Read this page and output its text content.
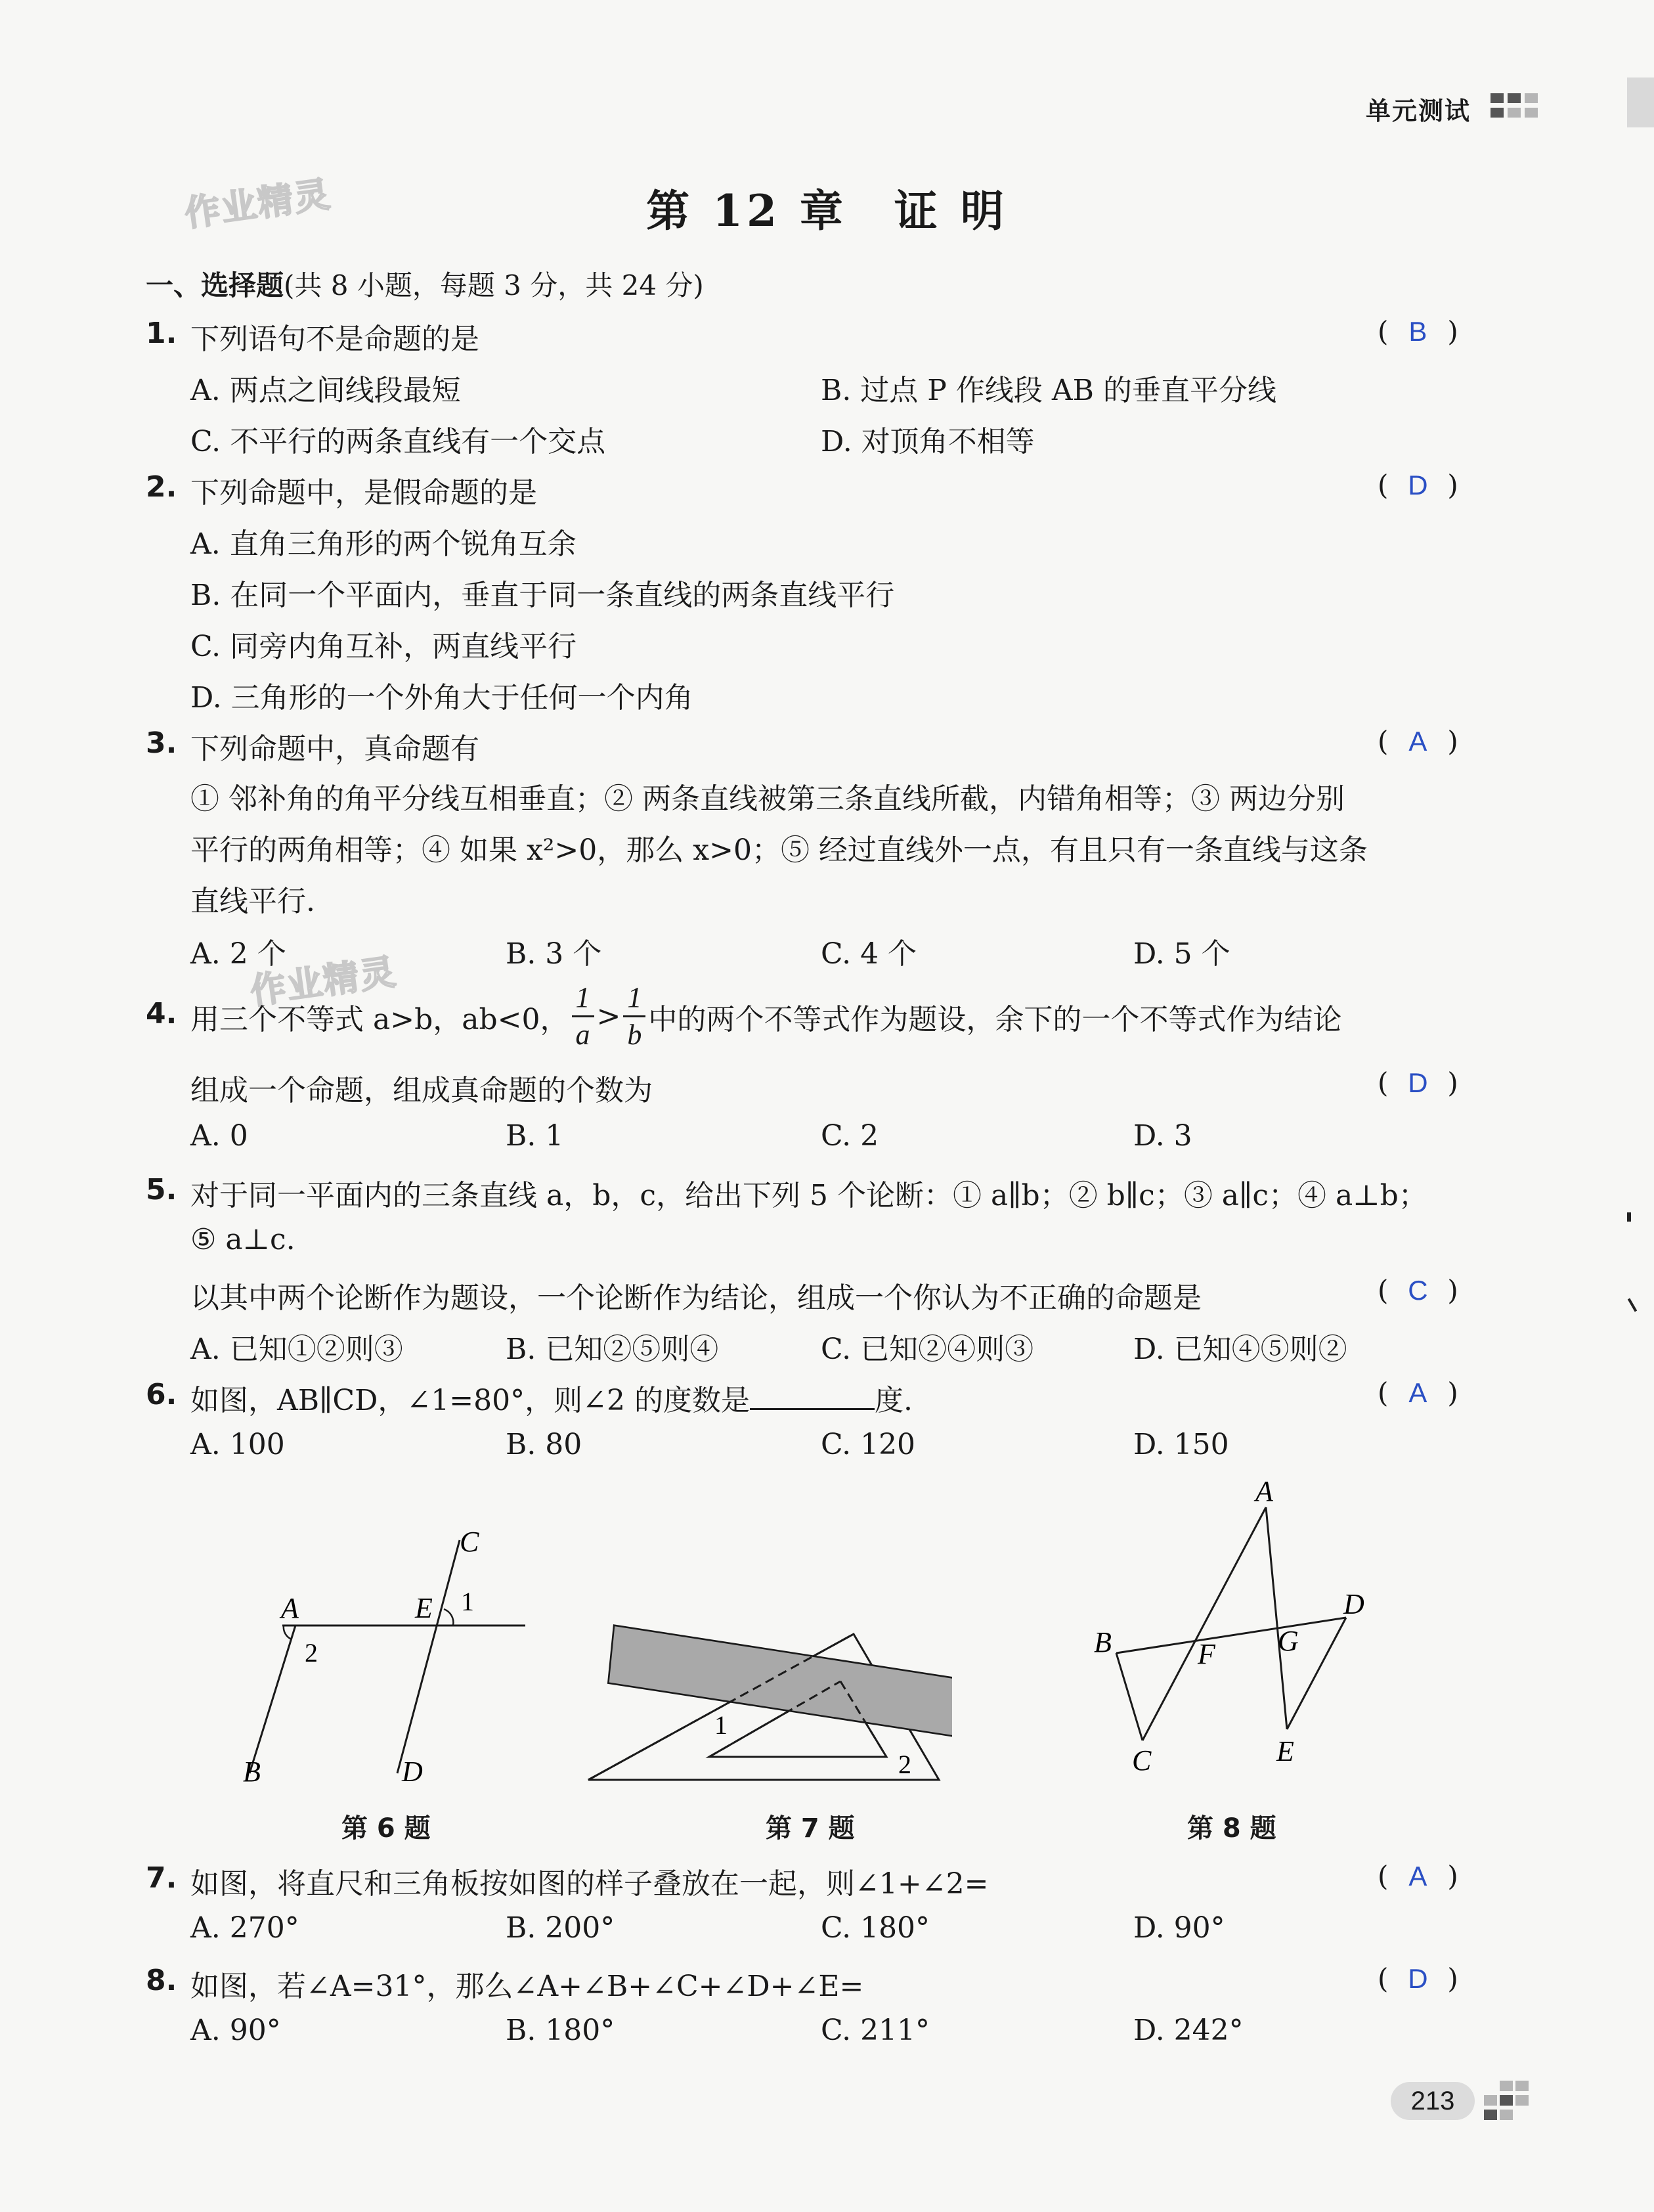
单元测试
作业精灵
作业精灵
第 12 章　证 明
一、选择题(共 8 小题，每题 3 分，共 24 分)
1. 下列语句不是命题的是	( B )
A. 两点之间线段最短	B. 过点 P 作线段 AB 的垂直平分线
C. 不平行的两条直线有一个交点	D. 对顶角不相等
2. 下列命题中，是假命题的是	( D )
A. 直角三角形的两个锐角互余
B. 在同一个平面内，垂直于同一条直线的两条直线平行
C. 同旁内角互补，两直线平行
D. 三角形的一个外角大于任何一个内角
3. 下列命题中，真命题有	( A )
① 邻补角的角平分线互相垂直；② 两条直线被第三条直线所截，内错角相等；③ 两边分别
平行的两角相等；④ 如果 x²>0，那么 x>0；⑤ 经过直线外一点，有且只有一条直线与这条
直线平行.
A. 2 个	B. 3 个	C. 4 个	D. 5 个
4. 用三个不等式 a>b，ab<0， $\frac{1}{a} > \frac{1}{b}$ 中的两个不等式作为题设，余下的一个不等式作为结论
组成一个命题，组成真命题的个数为	( D )
A. 0	B. 1	C. 2	D. 3
5. 对于同一平面内的三条直线 a，b，c，给出下列 5 个论断：① a∥b；② b∥c；③ a∥c；④ a⊥b；
⑤ a⊥c.
以其中两个论断作为题设，一个论断作为结论，组成一个你认为不正确的命题是	( C )
A. 已知①②则③	B. 已知②⑤则④	C. 已知②④则③	D. 已知④⑤则②
6. 如图，AB∥CD，∠1=80°，则∠2 的度数是	度.	( A )
A. 100	B. 80	C. 120	D. 150
A
B
C
D
E 1
2
第 6 题
1
2
第 7 题
A
B
C
D
E
F G
第 8 题
7. 如图，将直尺和三角板按如图的样子叠放在一起，则∠1+∠2=	( A )
A. 270°	B. 200°	C. 180°	D. 90°
8. 如图，若∠A=31°，那么∠A+∠B+∠C+∠D+∠E=	( D )
A. 90°	B. 180°	C. 211°	D. 242°
213
